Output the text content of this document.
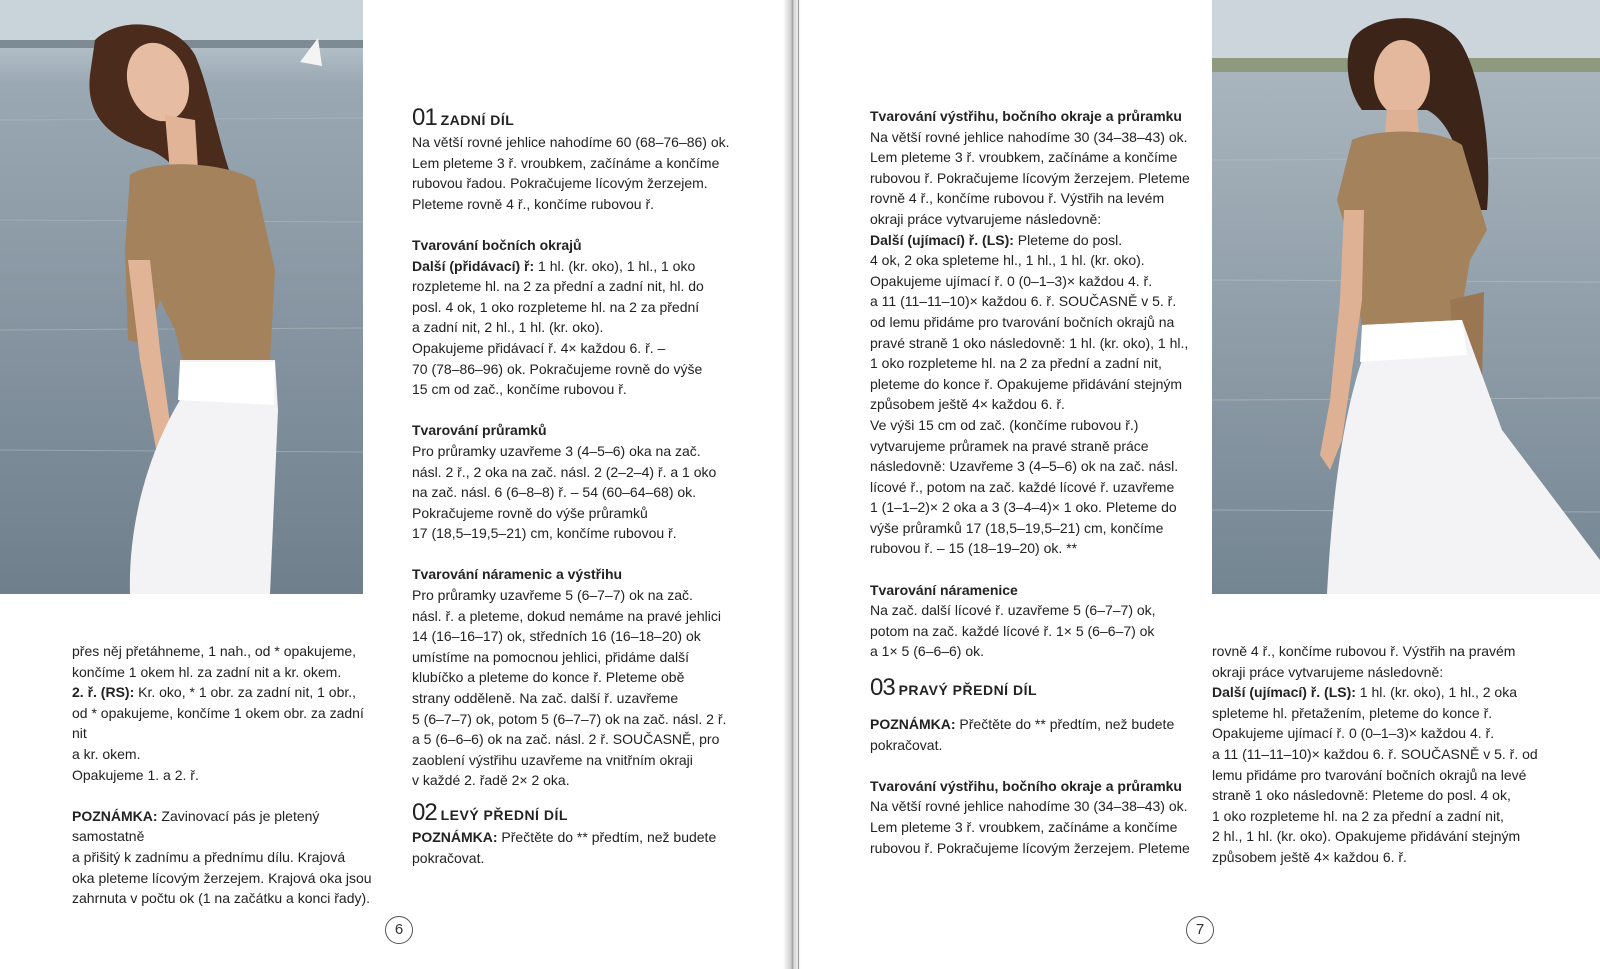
přes něj přetáhneme, 1 nah., od * opakujeme,

končíme 1 okem hl. za zadní nit a kr. okem.

2. ř. (RS): Kr. oko, * 1 obr. za zadní nit, 1 obr.,

od * opakujeme, končíme 1 okem obr. za zadní nit

a kr. okem.

Opakujeme 1. a 2. ř.

POZNÁMKA: Zavinovací pás je pletený samostatně

a přišitý k zadnímu a přednímu dílu. Krajová

oka pleteme lícovým žerzejem. Krajová oka jsou

zahrnuta v počtu ok (1 na začátku a konci řady).

01 ZADNÍ DÍL

Na větší rovné jehlice nahodíme 60 (68–76–86) ok.

Lem pleteme 3 ř. vroubkem, začínáme a končíme

rubovou řadou. Pokračujeme lícovým žerzejem.

Pleteme rovně 4 ř., končíme rubovou ř.

Tvarování bočních okrajů

Další (přidávací) ř: 1 hl. (kr. oko), 1 hl., 1 oko

rozpleteme hl. na 2 za přední a zadní nit, hl. do

posl. 4 ok, 1 oko rozpleteme hl. na 2 za přední

a zadní nit, 2 hl., 1 hl. (kr. oko).

Opakujeme přidávací ř. 4× každou 6. ř. –

70 (78–86–96) ok. Pokračujeme rovně do výše

15 cm od zač., končíme rubovou ř.

Tvarování průramků

Pro průramky uzavřeme 3 (4–5–6) oka na zač.

násl. 2 ř., 2 oka na zač. násl. 2 (2–2–4) ř. a 1 oko

na zač. násl. 6 (6–8–8) ř. – 54 (60–64–68) ok.

Pokračujeme rovně do výše průramků

17 (18,5–19,5–21) cm, končíme rubovou ř.

Tvarování náramenic a výstřihu

Pro průramky uzavřeme 5 (6–7–7) ok na zač.

násl. ř. a pleteme, dokud nemáme na pravé jehlici

14 (16–16–17) ok, středních 16 (16–18–20) ok

umístíme na pomocnou jehlici, přidáme další

klubíčko a pleteme do konce ř. Pleteme obě

strany odděleně. Na zač. další ř. uzavřeme

5 (6–7–7) ok, potom 5 (6–7–7) ok na zač. násl. 2 ř.

a 5 (6–6–6) ok na zač. násl. 2 ř. SOUČASNĚ, pro

zaoblení výstřihu uzavřeme na vnitřním okraji

v každé 2. řadě 2× 2 oka.

02 LEVÝ PŘEDNÍ DÍL

POZNÁMKA: Přečtěte do ** předtím, než budete

pokračovat.

6

Tvarování výstřihu, bočního okraje a průramku

Na větší rovné jehlice nahodíme 30 (34–38–43) ok.

Lem pleteme 3 ř. vroubkem, začínáme a končíme

rubovou ř. Pokračujeme lícovým žerzejem. Pleteme

rovně 4 ř., končíme rubovou ř. Výstřih na levém

okraji práce vytvarujeme následovně:

Další (ujímací) ř. (LS): Pleteme do posl.

4 ok, 2 oka spleteme hl., 1 hl., 1 hl. (kr. oko).

Opakujeme ujímací ř. 0 (0–1–3)× každou 4. ř.

a 11 (11–11–10)× každou 6. ř. SOUČASNĚ v 5. ř.

od lemu přidáme pro tvarování bočních okrajů na

pravé straně 1 oko následovně: 1 hl. (kr. oko), 1 hl.,

1 oko rozpleteme hl. na 2 za přední a zadní nit,

pleteme do konce ř. Opakujeme přidávání stejným

způsobem ještě 4× každou 6. ř.

Ve výši 15 cm od zač. (končíme rubovou ř.)

vytvarujeme průramek na pravé straně práce

následovně: Uzavřeme 3 (4–5–6) ok na zač. násl.

lícové ř., potom na zač. každé lícové ř. uzavřeme

1 (1–1–2)× 2 oka a 3 (3–4–4)× 1 oko. Pleteme do

výše průramků 17 (18,5–19,5–21) cm, končíme

rubovou ř. – 15 (18–19–20) ok. **

Tvarování náramenice

Na zač. další lícové ř. uzavřeme 5 (6–7–7) ok,

potom na zač. každé lícové ř. 1× 5 (6–6–7) ok

a 1× 5 (6–6–6) ok.

03 PRAVÝ PŘEDNÍ DÍL

POZNÁMKA: Přečtěte do ** předtím, než budete

pokračovat.

Tvarování výstřihu, bočního okraje a průramku

Na větší rovné jehlice nahodíme 30 (34–38–43) ok.

Lem pleteme 3 ř. vroubkem, začínáme a končíme

rubovou ř. Pokračujeme lícovým žerzejem. Pleteme

rovně 4 ř., končíme rubovou ř. Výstřih na pravém

okraji práce vytvarujeme následovně:

Další (ujímací) ř. (LS): 1 hl. (kr. oko), 1 hl., 2 oka

spleteme hl. přetažením, pleteme do konce ř.

Opakujeme ujímací ř. 0 (0–1–3)× každou 4. ř.

a 11 (11–11–10)× každou 6. ř. SOUČASNĚ v 5. ř. od

lemu přidáme pro tvarování bočních okrajů na levé

straně 1 oko následovně: Pleteme do posl. 4 ok,

1 oko rozpleteme hl. na 2 za přední a zadní nit,

2 hl., 1 hl. (kr. oko). Opakujeme přidávání stejným

způsobem ještě 4× každou 6. ř.

7
